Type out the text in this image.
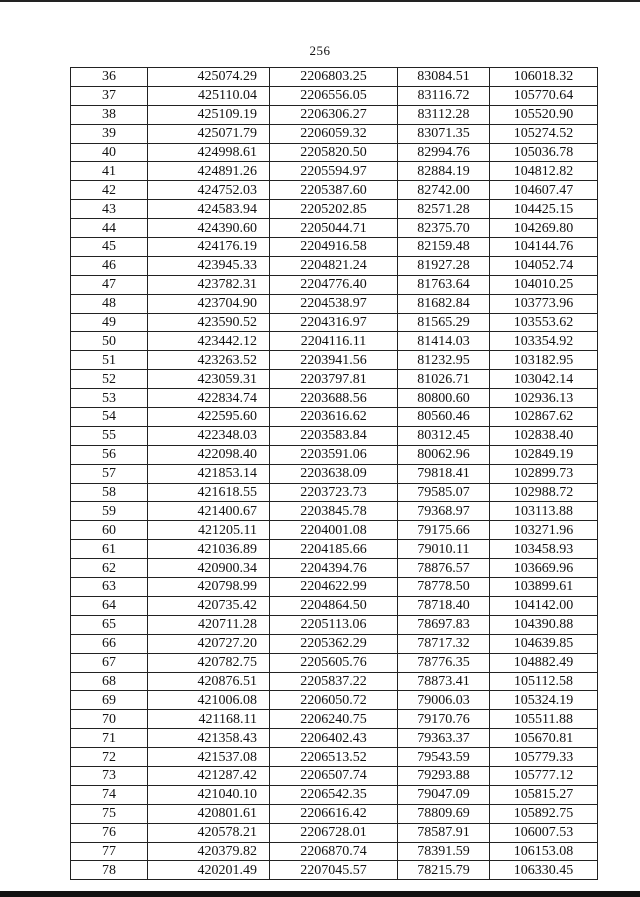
256
36	425074.29	2206803.25	83084.51	106018.32
37	425110.04	2206556.05	83116.72	105770.64
38	425109.19	2206306.27	83112.28	105520.90
39	425071.79	2206059.32	83071.35	105274.52
40	424998.61	2205820.50	82994.76	105036.78
41	424891.26	2205594.97	82884.19	104812.82
42	424752.03	2205387.60	82742.00	104607.47
43	424583.94	2205202.85	82571.28	104425.15
44	424390.60	2205044.71	82375.70	104269.80
45	424176.19	2204916.58	82159.48	104144.76
46	423945.33	2204821.24	81927.28	104052.74
47	423782.31	2204776.40	81763.64	104010.25
48	423704.90	2204538.97	81682.84	103773.96
49	423590.52	2204316.97	81565.29	103553.62
50	423442.12	2204116.11	81414.03	103354.92
51	423263.52	2203941.56	81232.95	103182.95
52	423059.31	2203797.81	81026.71	103042.14
53	422834.74	2203688.56	80800.60	102936.13
54	422595.60	2203616.62	80560.46	102867.62
55	422348.03	2203583.84	80312.45	102838.40
56	422098.40	2203591.06	80062.96	102849.19
57	421853.14	2203638.09	79818.41	102899.73
58	421618.55	2203723.73	79585.07	102988.72
59	421400.67	2203845.78	79368.97	103113.88
60	421205.11	2204001.08	79175.66	103271.96
61	421036.89	2204185.66	79010.11	103458.93
62	420900.34	2204394.76	78876.57	103669.96
63	420798.99	2204622.99	78778.50	103899.61
64	420735.42	2204864.50	78718.40	104142.00
65	420711.28	2205113.06	78697.83	104390.88
66	420727.20	2205362.29	78717.32	104639.85
67	420782.75	2205605.76	78776.35	104882.49
68	420876.51	2205837.22	78873.41	105112.58
69	421006.08	2206050.72	79006.03	105324.19
70	421168.11	2206240.75	79170.76	105511.88
71	421358.43	2206402.43	79363.37	105670.81
72	421537.08	2206513.52	79543.59	105779.33
73	421287.42	2206507.74	79293.88	105777.12
74	421040.10	2206542.35	79047.09	105815.27
75	420801.61	2206616.42	78809.69	105892.75
76	420578.21	2206728.01	78587.91	106007.53
77	420379.82	2206870.74	78391.59	106153.08
78	420201.49	2207045.57	78215.79	106330.45
